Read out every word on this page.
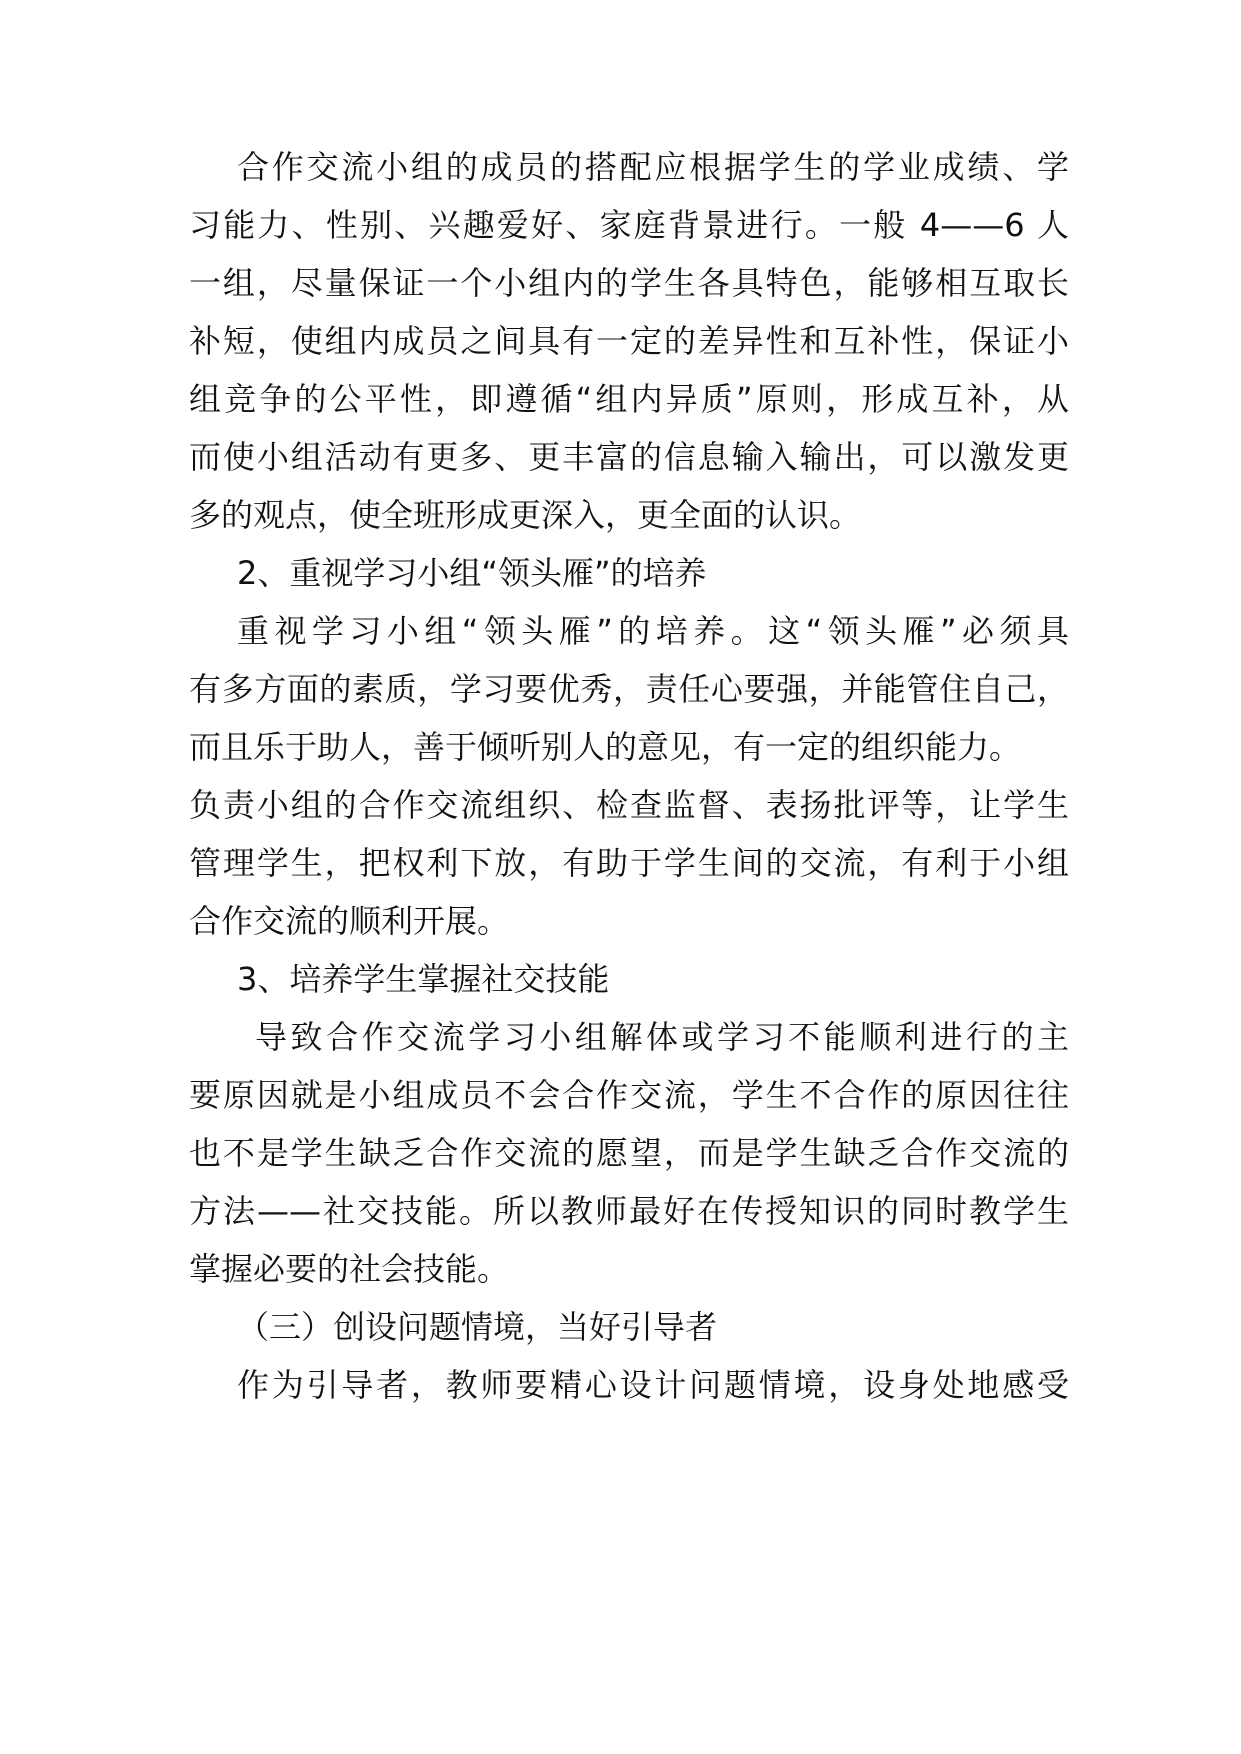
合作交流小组的成员的搭配应根据学生的学业成绩、学
习能力、性别、兴趣爱好、家庭背景进行。一般 4——6 人
一组，尽量保证一个小组内的学生各具特色，能够相互取长
补短，使组内成员之间具有一定的差异性和互补性，保证小
组竞争的公平性，即遵循“组内异质”原则，形成互补，从
而使小组活动有更多、更丰富的信息输入输出，可以激发更
多的观点，使全班形成更深入，更全面的认识。
2、重视学习小组“领头雁”的培养
重视学习小组“领头雁”的培养。这“领头雁”必须具
有多方面的素质，学习要优秀，责任心要强，并能管住自己，
而且乐于助人，善于倾听别人的意见，有一定的组织能力。
负责小组的合作交流组织、检查监督、表扬批评等，让学生
管理学生，把权利下放，有助于学生间的交流，有利于小组
合作交流的顺利开展。
3、培养学生掌握社交技能
导致合作交流学习小组解体或学习不能顺利进行的主
要原因就是小组成员不会合作交流，学生不合作的原因往往
也不是学生缺乏合作交流的愿望，而是学生缺乏合作交流的
方法——社交技能。所以教师最好在传授知识的同时教学生
掌握必要的社会技能。
（三）创设问题情境，当好引导者
作为引导者，教师要精心设计问题情境，设身处地感受
